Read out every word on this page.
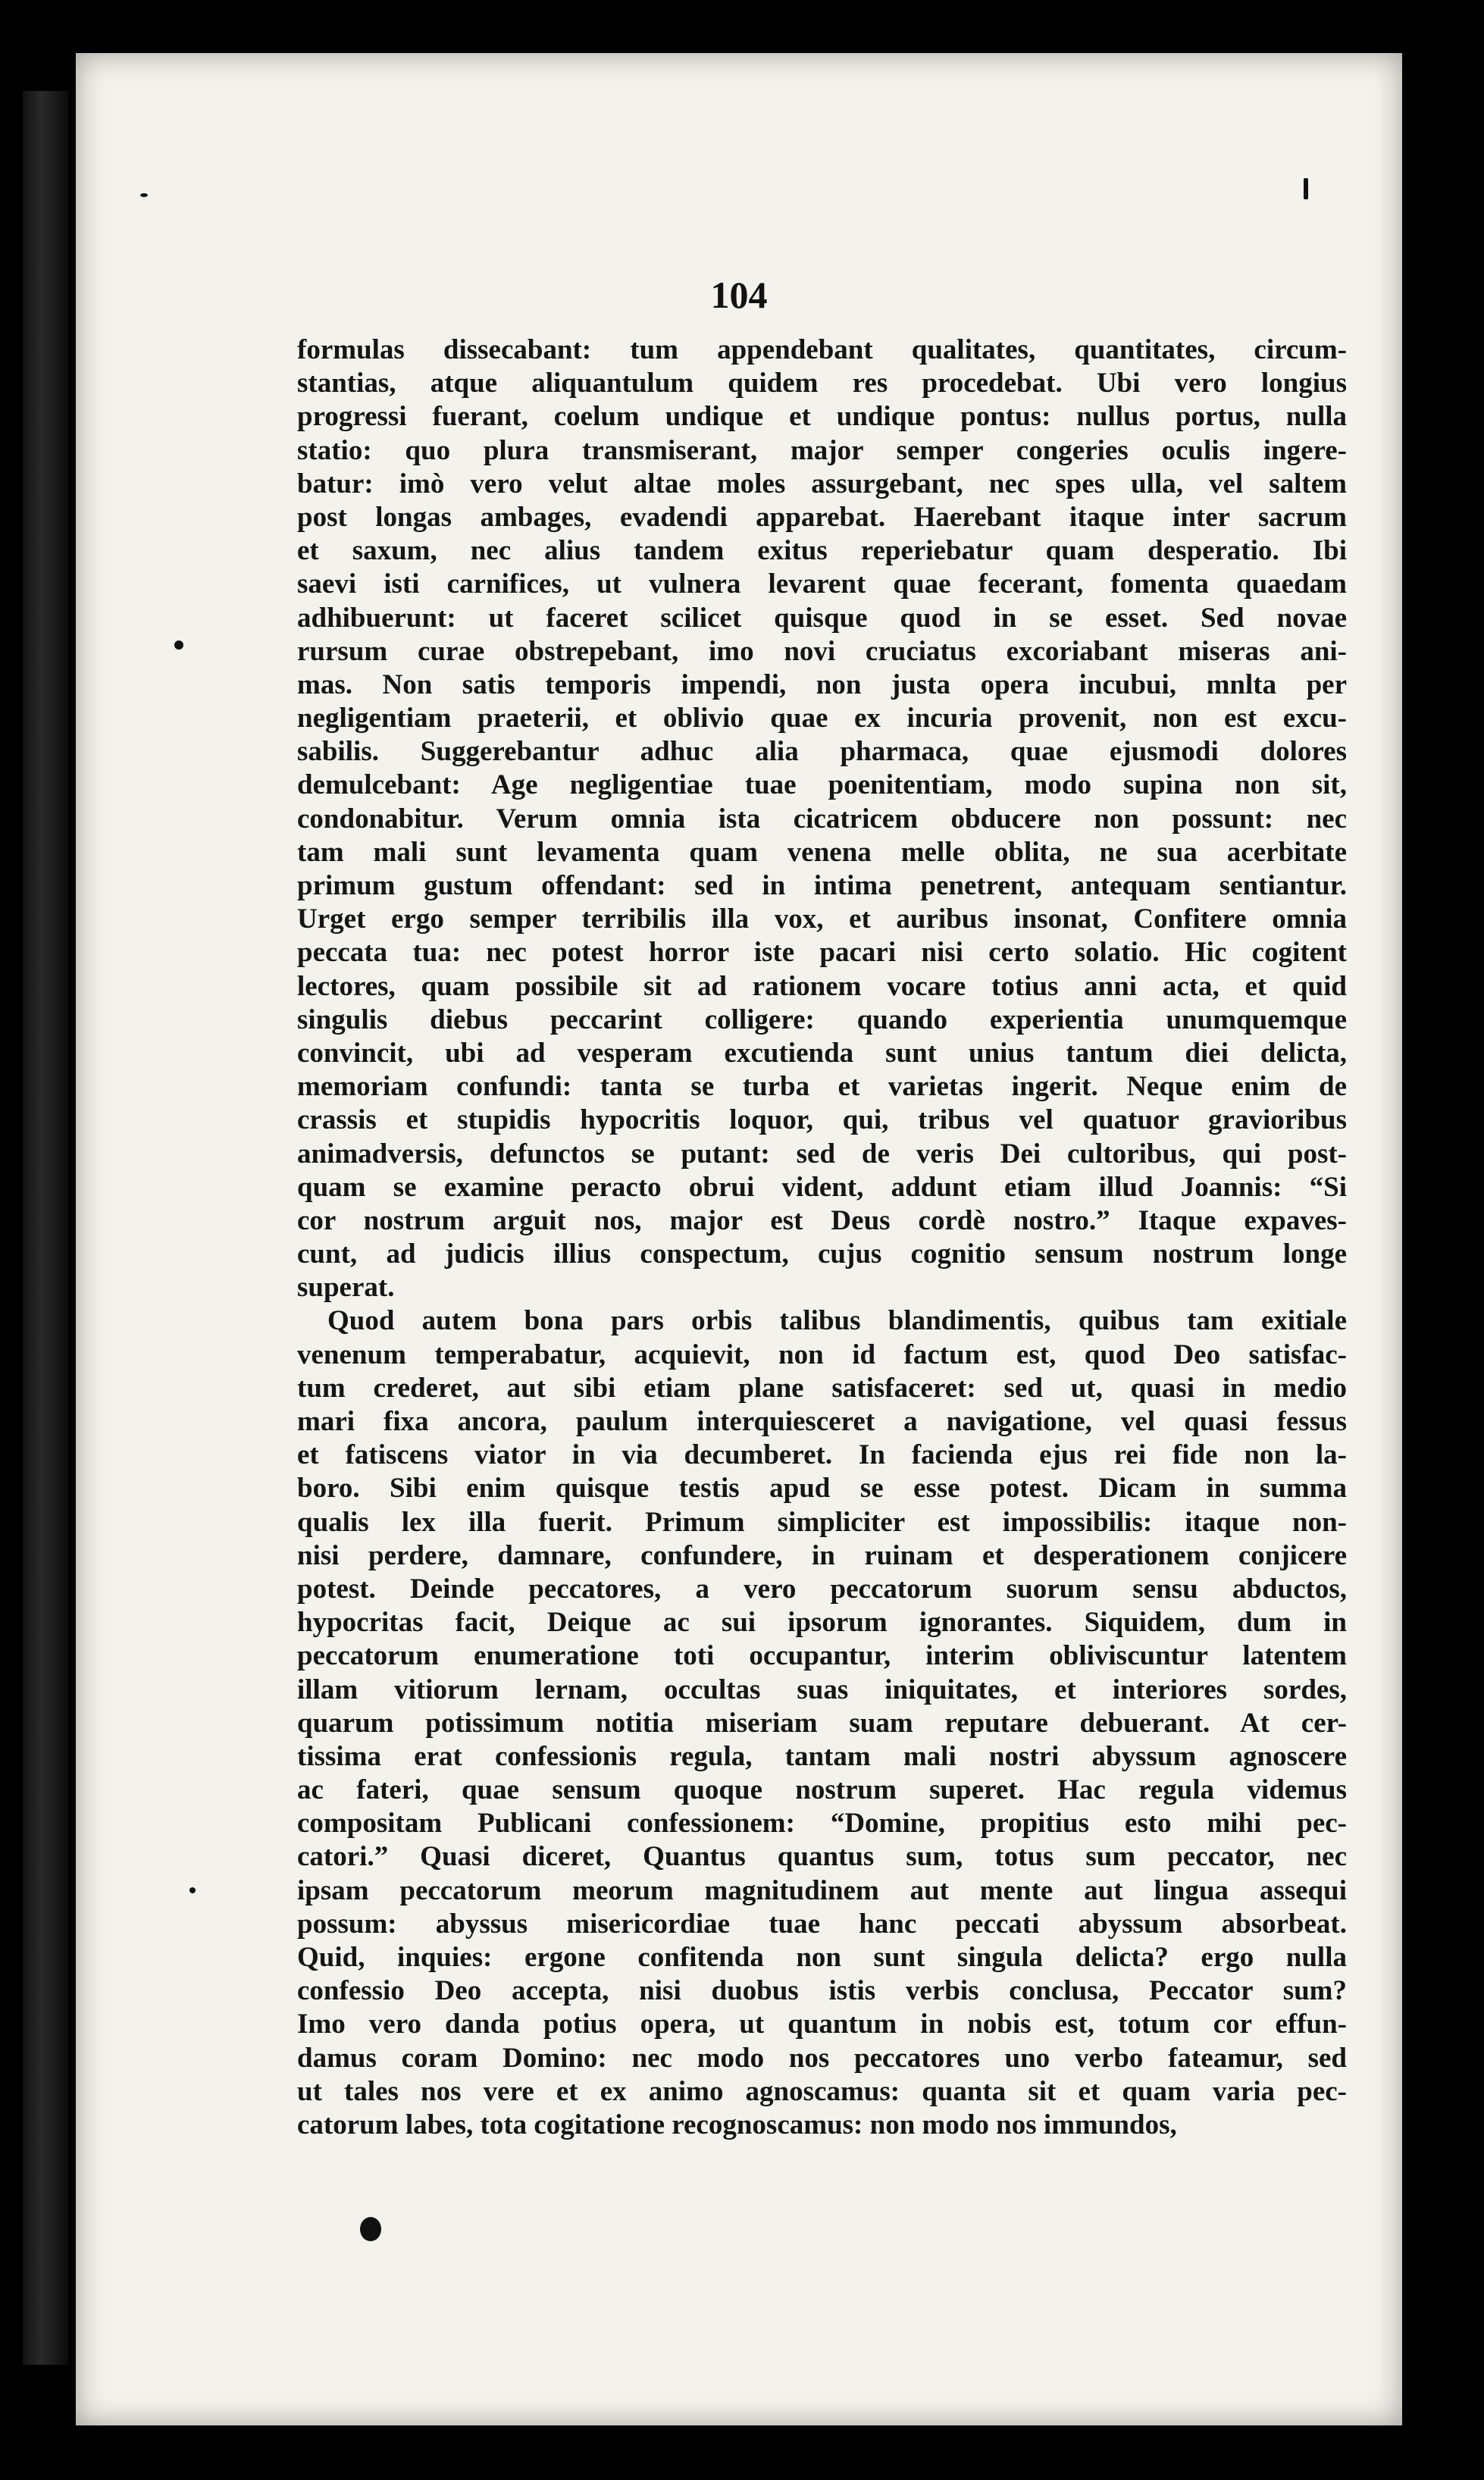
104
formulas dissecabant: tum appendebant qualitates, quantitates, circum-
stantias, atque aliquantulum quidem res procedebat. Ubi vero longius
progressi fuerant, coelum undique et undique pontus: nullus portus, nulla
statio: quo plura transmiserant, major semper congeries oculis ingere-
batur: imò vero velut altae moles assurgebant, nec spes ulla, vel saltem
post longas ambages, evadendi apparebat. Haerebant itaque inter sacrum
et saxum, nec alius tandem exitus reperiebatur quam desperatio. Ibi
saevi isti carnifices, ut vulnera levarent quae fecerant, fomenta quaedam
adhibuerunt: ut faceret scilicet quisque quod in se esset. Sed novae
rursum curae obstrepebant, imo novi cruciatus excoriabant miseras ani-
mas. Non satis temporis impendi, non justa opera incubui, mnlta per
negligentiam praeterii, et oblivio quae ex incuria provenit, non est excu-
sabilis. Suggerebantur adhuc alia pharmaca, quae ejusmodi dolores
demulcebant: Age negligentiae tuae poenitentiam, modo supina non sit,
condonabitur. Verum omnia ista cicatricem obducere non possunt: nec
tam mali sunt levamenta quam venena melle oblita, ne sua acerbitate
primum gustum offendant: sed in intima penetrent, antequam sentiantur.
Urget ergo semper terribilis illa vox, et auribus insonat, Confitere omnia
peccata tua: nec potest horror iste pacari nisi certo solatio. Hic cogitent
lectores, quam possibile sit ad rationem vocare totius anni acta, et quid
singulis diebus peccarint colligere: quando experientia unumquemque
convincit, ubi ad vesperam excutienda sunt unius tantum diei delicta,
memoriam confundi: tanta se turba et varietas ingerit. Neque enim de
crassis et stupidis hypocritis loquor, qui, tribus vel quatuor gravioribus
animadversis, defunctos se putant: sed de veris Dei cultoribus, qui post-
quam se examine peracto obrui vident, addunt etiam illud Joannis: “Si
cor nostrum arguit nos, major est Deus cordè nostro.” Itaque expaves-
cunt, ad judicis illius conspectum, cujus cognitio sensum nostrum longe
superat.
Quod autem bona pars orbis talibus blandimentis, quibus tam exitiale
venenum temperabatur, acquievit, non id factum est, quod Deo satisfac-
tum crederet, aut sibi etiam plane satisfaceret: sed ut, quasi in medio
mari fixa ancora, paulum interquiesceret a navigatione, vel quasi fessus
et fatiscens viator in via decumberet. In facienda ejus rei fide non la-
boro. Sibi enim quisque testis apud se esse potest. Dicam in summa
qualis lex illa fuerit. Primum simpliciter est impossibilis: itaque non-
nisi perdere, damnare, confundere, in ruinam et desperationem conjicere
potest. Deinde peccatores, a vero peccatorum suorum sensu abductos,
hypocritas facit, Deique ac sui ipsorum ignorantes. Siquidem, dum in
peccatorum enumeratione toti occupantur, interim obliviscuntur latentem
illam vitiorum lernam, occultas suas iniquitates, et interiores sordes,
quarum potissimum notitia miseriam suam reputare debuerant. At cer-
tissima erat confessionis regula, tantam mali nostri abyssum agnoscere
ac fateri, quae sensum quoque nostrum superet. Hac regula videmus
compositam Publicani confessionem: “Domine, propitius esto mihi pec-
catori.” Quasi diceret, Quantus quantus sum, totus sum peccator, nec
ipsam peccatorum meorum magnitudinem aut mente aut lingua assequi
possum: abyssus misericordiae tuae hanc peccati abyssum absorbeat.
Quid, inquies: ergone confitenda non sunt singula delicta? ergo nulla
confessio Deo accepta, nisi duobus istis verbis conclusa, Peccator sum?
Imo vero danda potius opera, ut quantum in nobis est, totum cor effun-
damus coram Domino: nec modo nos peccatores uno verbo fateamur, sed
ut tales nos vere et ex animo agnoscamus: quanta sit et quam varia pec-
catorum labes, tota cogitatione recognoscamus: non modo nos immundos,
